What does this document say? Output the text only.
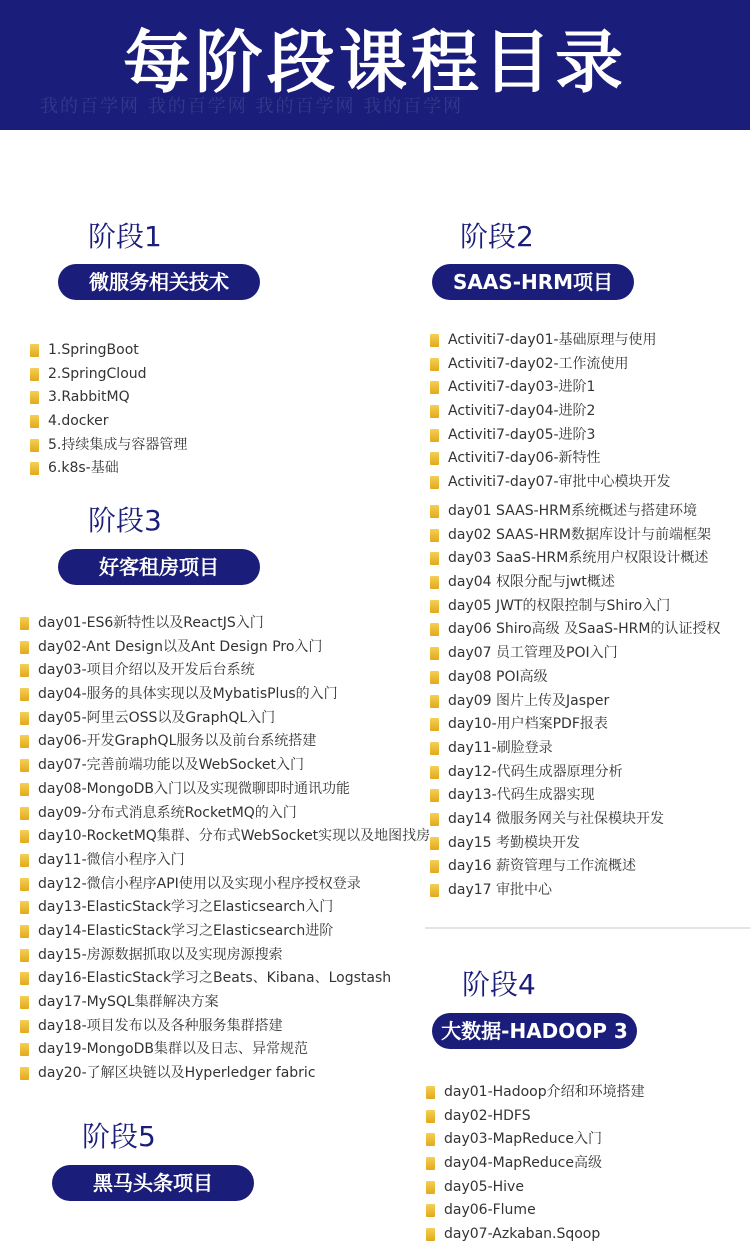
我的百学网 我的百学网 我的百学网 我的百学网
每阶段课程目录
阶段1
微服务相关技术
1.SpringBoot
2.SpringCloud
3.RabbitMQ
4.docker
5.持续集成与容器管理
6.k8s-基础
阶段2
SAAS-HRM项目
Activiti7-day01-基础原理与使用
Activiti7-day02-工作流使用
Activiti7-day03-进阶1
Activiti7-day04-进阶2
Activiti7-day05-进阶3
Activiti7-day06-新特性
Activiti7-day07-审批中心模块开发
day01 SAAS-HRM系统概述与搭建环境
day02 SAAS-HRM数据库设计与前端框架
day03 SaaS-HRM系统用户权限设计概述
day04 权限分配与jwt概述
day05 JWT的权限控制与Shiro入门
day06 Shiro高级 及SaaS-HRM的认证授权
day07 员工管理及POI入门
day08 POI高级
day09 图片上传及Jasper
day10-用户档案PDF报表
day11-刷脸登录
day12-代码生成器原理分析
day13-代码生成器实现
day14 微服务网关与社保模块开发
day15 考勤模块开发
day16 薪资管理与工作流概述
day17 审批中心
阶段3
好客租房项目
day01-ES6新特性以及ReactJS入门
day02-Ant Design以及Ant Design Pro入门
day03-项目介绍以及开发后台系统
day04-服务的具体实现以及MybatisPlus的入门
day05-阿里云OSS以及GraphQL入门
day06-开发GraphQL服务以及前台系统搭建
day07-完善前端功能以及WebSocket入门
day08-MongoDB入门以及实现微聊即时通讯功能
day09-分布式消息系统RocketMQ的入门
day10-RocketMQ集群、分布式WebSocket实现以及地图找房
day11-微信小程序入门
day12-微信小程序API使用以及实现小程序授权登录
day13-ElasticStack学习之Elasticsearch入门
day14-ElasticStack学习之Elasticsearch进阶
day15-房源数据抓取以及实现房源搜索
day16-ElasticStack学习之Beats、Kibana、Logstash
day17-MySQL集群解决方案
day18-项目发布以及各种服务集群搭建
day19-MongoDB集群以及日志、异常规范
day20-了解区块链以及Hyperledger fabric
阶段4
大数据-HADOOP 3
day01-Hadoop介绍和环境搭建
day02-HDFS
day03-MapReduce入门
day04-MapReduce高级
day05-Hive
day06-Flume
day07-Azkaban.Sqoop
阶段5
黑马头条项目
